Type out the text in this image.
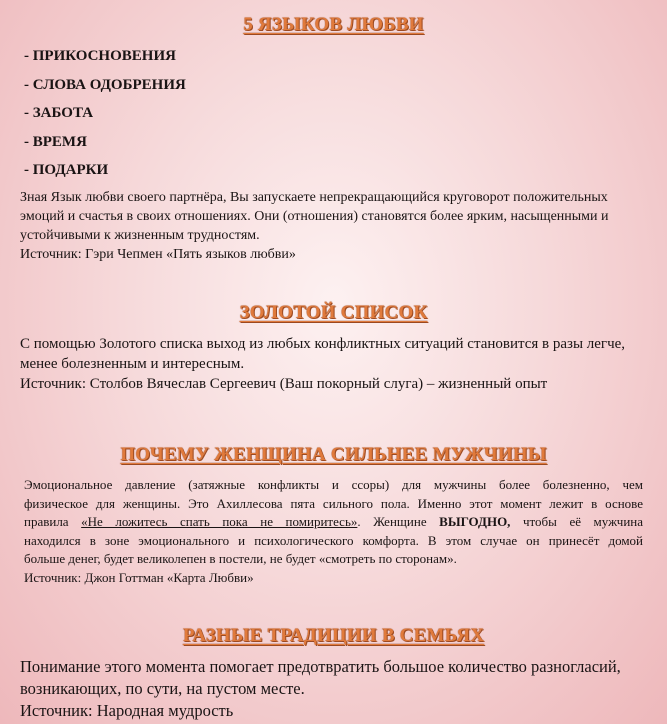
5 ЯЗЫКОВ ЛЮБВИ
- ПРИКОСНОВЕНИЯ
- СЛОВА ОДОБРЕНИЯ
- ЗАБОТА
- ВРЕМЯ
- ПОДАРКИ
Зная Язык любви своего партнёра, Вы запускаете непрекращающийся круговорот положительных
эмоций и счастья в своих отношениях. Они (отношения) становятся более ярким, насыщенными и
устойчивыми к жизненным трудностям.
Источник: Гэри Чепмен «Пять языков любви»
ЗОЛОТОЙ СПИСОК
С помощью Золотого списка выход из любых конфликтных ситуаций становится в разы легче,
менее болезненным и интересным.
Источник: Столбов Вячеслав Сергеевич (Ваш покорный слуга) – жизненный опыт
ПОЧЕМУ ЖЕНЩИНА СИЛЬНЕЕ МУЖЧИНЫ
Эмоциональное давление (затяжные конфликты и ссоры) для мужчины более болезненно, чем
физическое для женщины. Это Ахиллесова пята сильного пола. Именно этот момент лежит в основе
правила «Не ложитесь спать пока не помиритесь». Женщине ВЫГОДНО, чтобы её мужчина
находился в зоне эмоционального и психологического комфорта. В этом случае он принесёт домой
больше денег, будет великолепен в постели, не будет «смотреть по сторонам».
Источник: Джон Готтман «Карта Любви»
РАЗНЫЕ ТРАДИЦИИ В СЕМЬЯХ
Понимание этого момента помогает предотвратить большое количество разногласий,
возникающих, по сути, на пустом месте.
Источник: Народная мудрость
